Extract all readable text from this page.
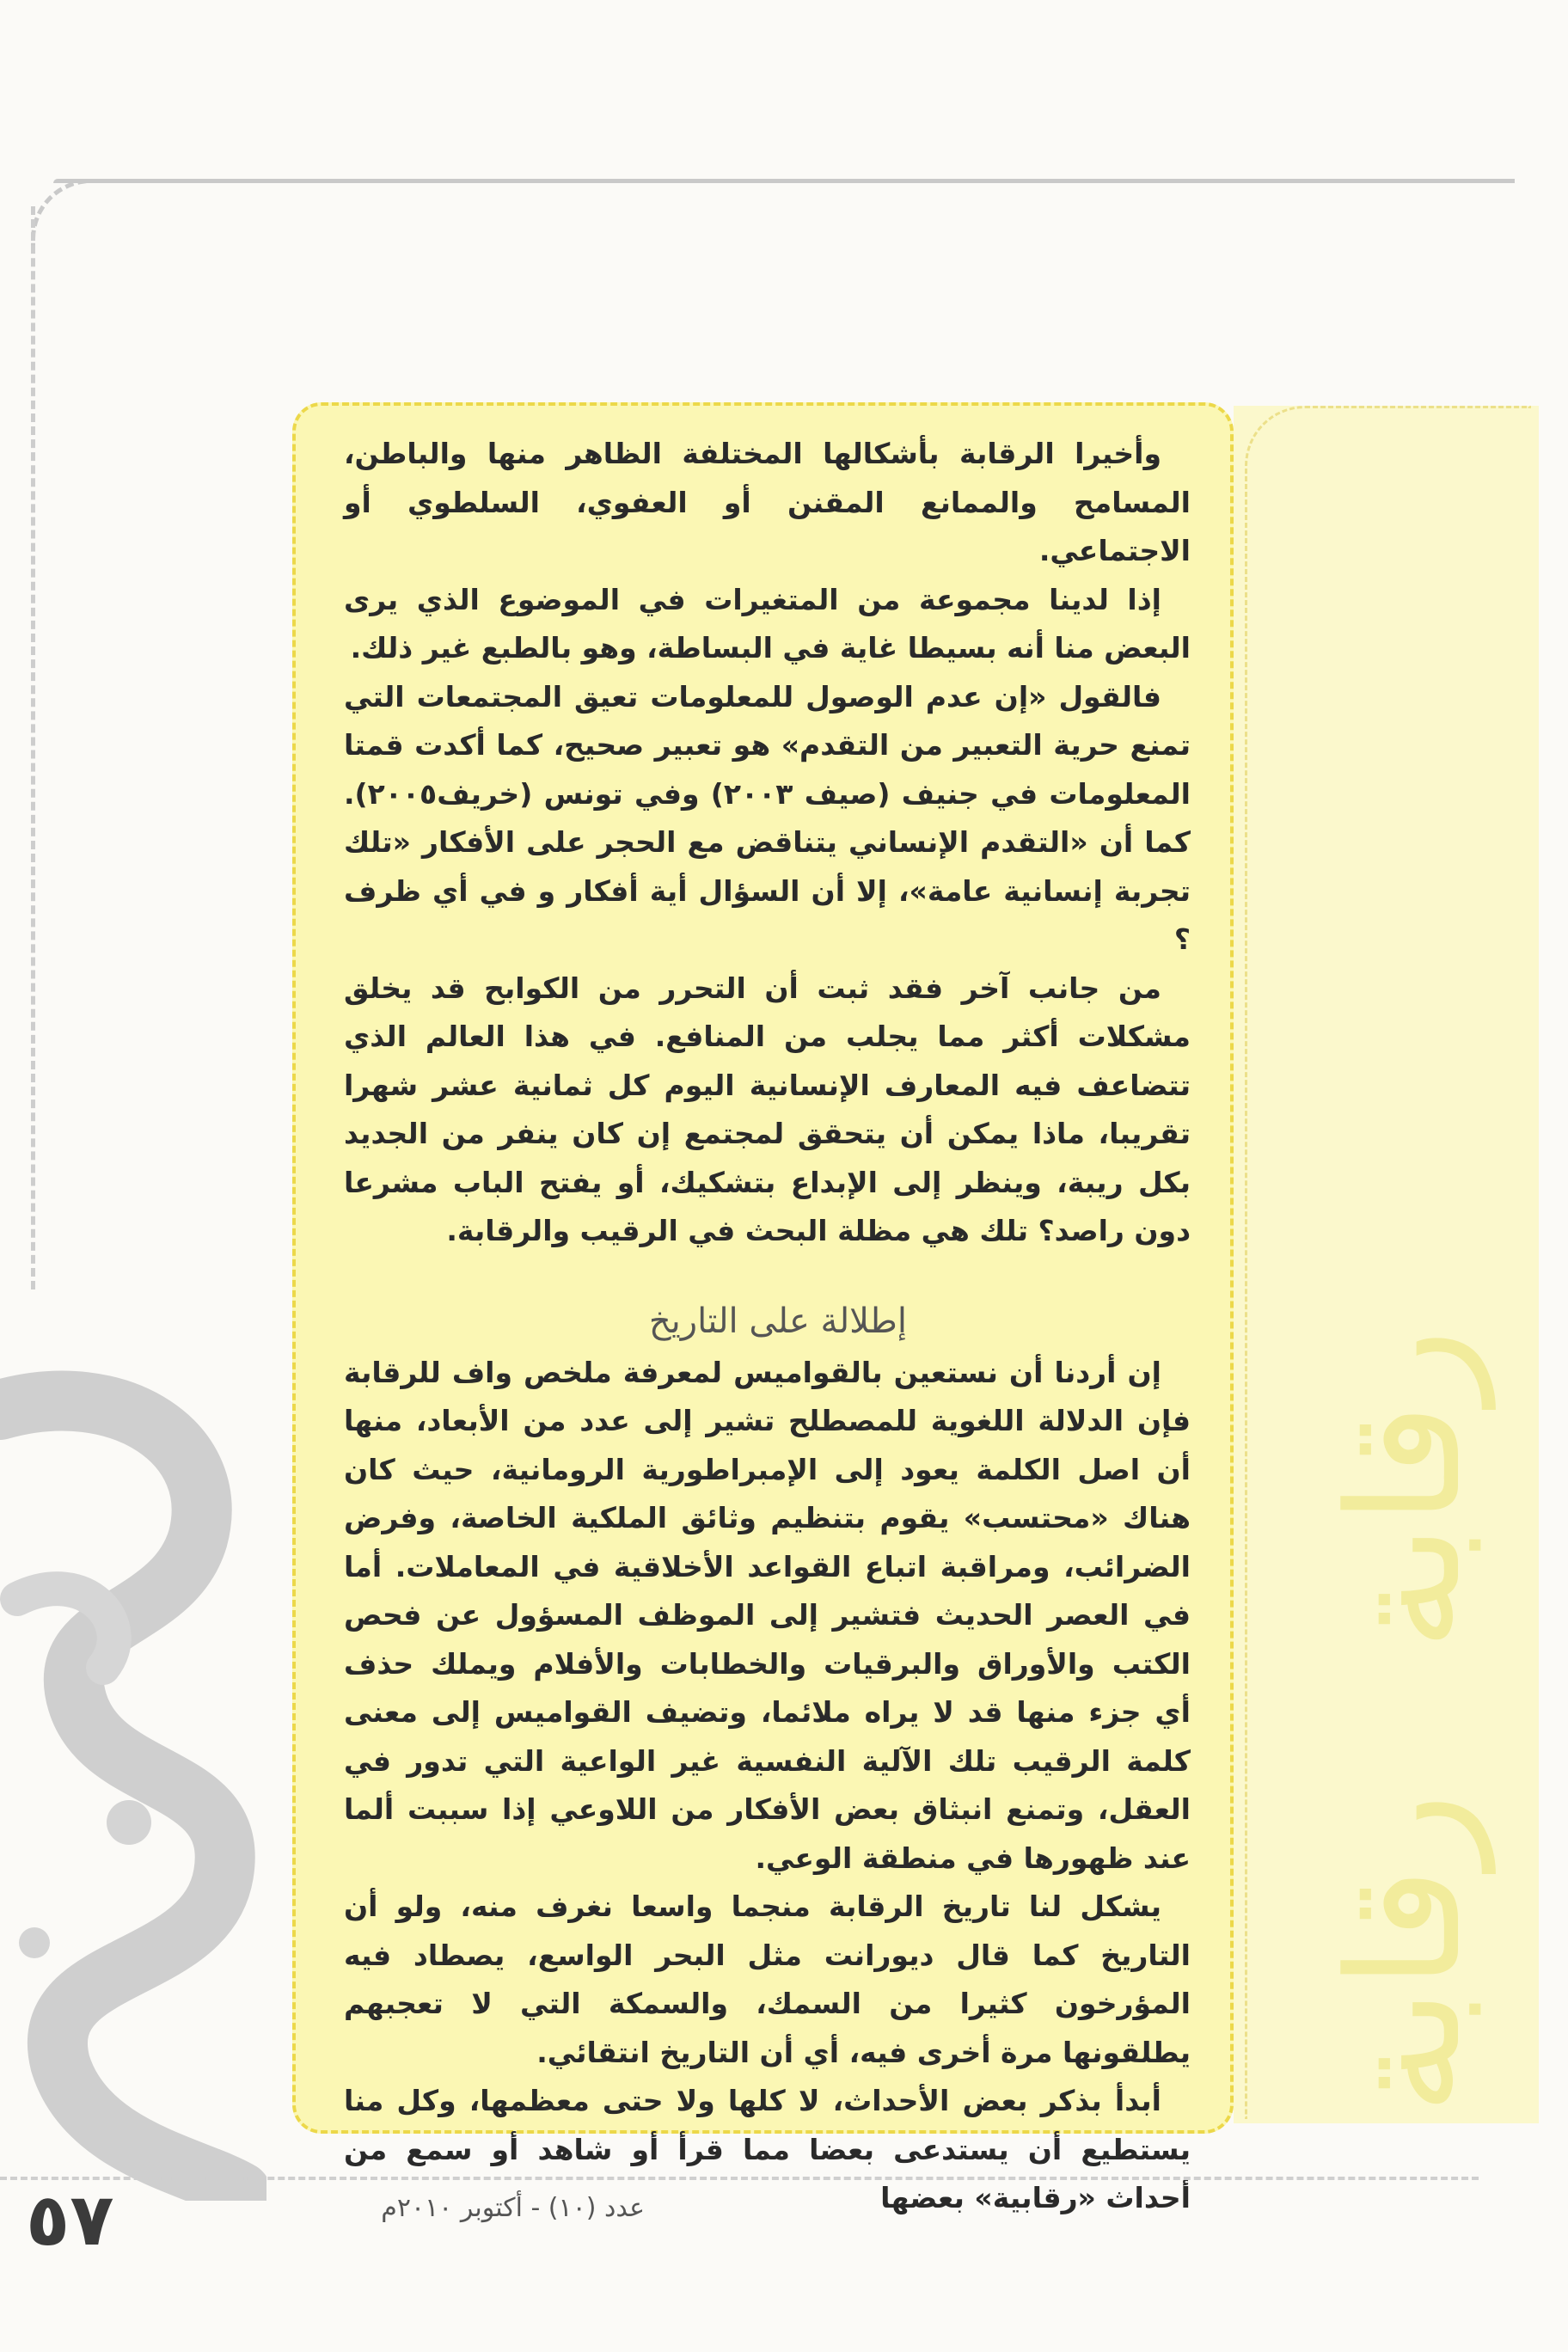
رقابة
رقابة

وأخيرا الرقابة بأشكالها المختلفة الظاهر منها والباطن، المسامح والممانع المقنن أو العفوي، السلطوي أو الاجتماعي.

إذا لدينا مجموعة من المتغيرات في الموضوع الذي يرى البعض منا أنه بسيطا غاية في البساطة، وهو بالطبع غير ذلك.

فالقول «إن عدم الوصول للمعلومات تعيق المجتمعات التي تمنع حرية التعبير من التقدم» هو تعبير صحيح، كما أكدت قمتا المعلومات في جنيف (صيف ٢٠٠٣) وفي تونس (خريف٢٠٠٥). كما أن «التقدم الإنساني يتناقض مع الحجر على الأفكار «تلك تجربة إنسانية عامة»، إلا أن السؤال أية أفكار و في أي ظرف ؟

من جانب آخر فقد ثبت أن التحرر من الكوابح قد يخلق مشكلات أكثر مما يجلب من المنافع. في هذا العالم الذي تتضاعف فيه المعارف الإنسانية اليوم كل ثمانية عشر شهرا تقريبا، ماذا يمكن أن يتحقق لمجتمع إن كان ينفر من الجديد بكل ريبة، وينظر إلى الإبداع بتشكيك، أو يفتح الباب مشرعا دون راصد؟ تلك هي مظلة البحث في الرقيب والرقابة.

إطلالة على التاريخ

إن أردنا أن نستعين بالقواميس لمعرفة ملخص واف للرقابة فإن الدلالة اللغوية للمصطلح تشير إلى عدد من الأبعاد، منها أن اصل الكلمة يعود إلى الإمبراطورية الرومانية، حيث كان هناك «محتسب» يقوم بتنظيم وثائق الملكية الخاصة، وفرض الضرائب، ومراقبة اتباع القواعد الأخلاقية في المعاملات. أما في العصر الحديث فتشير إلى الموظف المسؤول عن فحص الكتب والأوراق والبرقيات والخطابات والأفلام ويملك حذف أي جزء منها قد لا يراه ملائما، وتضيف القواميس إلى معنى كلمة الرقيب تلك الآلية النفسية غير الواعية التي تدور في العقل، وتمنع انبثاق بعض الأفكار من اللاوعي إذا سببت ألما عند ظهورها في منطقة الوعي.

يشكل لنا تاريخ الرقابة منجما واسعا نغرف منه، ولو أن التاريخ كما قال ديورانت مثل البحر الواسع، يصطاد فيه المؤرخون كثيرا من السمك، والسمكة التي لا تعجبهم يطلقونها مرة أخرى فيه، أي أن التاريخ انتقائي.

أبدأ بذكر بعض الأحداث، لا كلها ولا حتى معظمها، وكل منا يستطيع أن يستدعى بعضا مما قرأ أو شاهد أو سمع من أحداث «رقابية» بعضها

٥٧	عدد (١٠) - أكتوبر ٢٠١٠م
